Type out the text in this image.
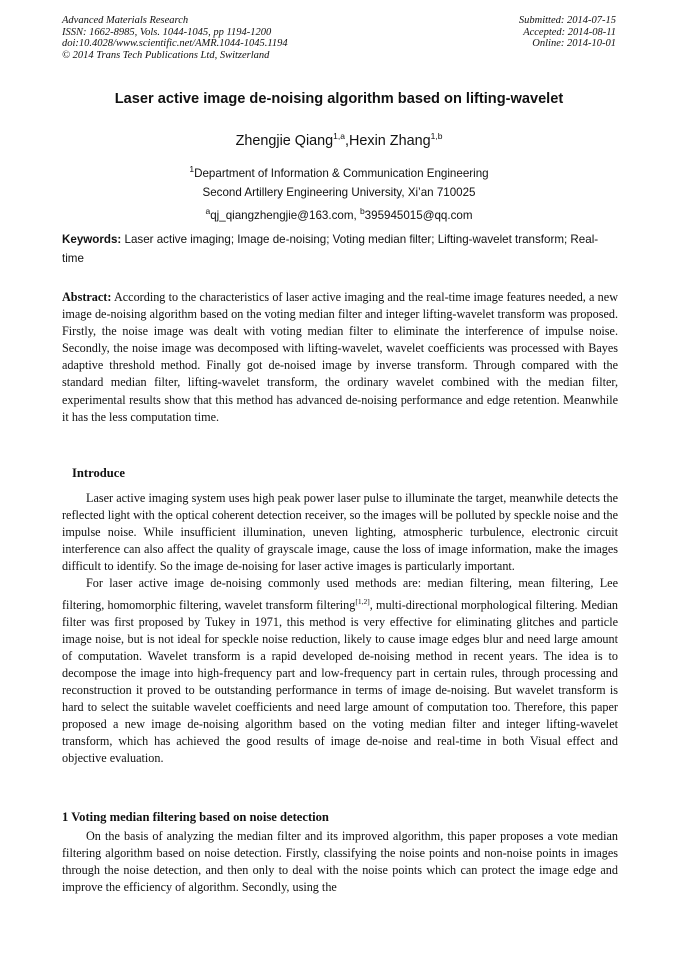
Advanced Materials Research
ISSN: 1662-8985, Vols. 1044-1045, pp 1194-1200
doi:10.4028/www.scientific.net/AMR.1044-1045.1194
© 2014 Trans Tech Publications Ltd, Switzerland
Submitted: 2014-07-15
Accepted: 2014-08-11
Online: 2014-10-01
Laser active image de-noising algorithm based on lifting-wavelet
Zhengjie Qiang$^{1,a}$,Hexin Zhang$^{1,b}$
$^1$Department of Information & Communication Engineering
Second Artillery Engineering University, Xi’an 710025
$^a$qj_qiangzhengjie@163.com, $^b$395945015@qq.com
Keywords: Laser active imaging; Image de-noising; Voting median filter; Lifting-wavelet transform; Real-time
Abstract: According to the characteristics of laser active imaging and the real-time image features needed, a new image de-noising algorithm based on the voting median filter and integer lifting-wavelet transform was proposed. Firstly, the noise image was dealt with voting median filter to eliminate the interference of impulse noise. Secondly, the noise image was decomposed with lifting-wavelet, wavelet coefficients was processed with Bayes adaptive threshold method. Finally got de-noised image by inverse transform. Through compared with the standard median filter, lifting-wavelet transform, the ordinary wavelet combined with the median filter, experimental results show that this method has advanced de-noising performance and edge retention. Meanwhile it has the less computation time.
Introduce

Laser active imaging system uses high peak power laser pulse to illuminate the target, meanwhile detects the reflected light with the optical coherent detection receiver, so the images will be polluted by speckle noise and the impulse noise. While insufficient illumination, uneven lighting, atmospheric turbulence, electronic circuit interference can also affect the quality of grayscale image, cause the loss of image information, make the images difficult to identify. So the image de-noising for laser active images is particularly important.

For laser active image de-noising commonly used methods are: median filtering, mean filtering, Lee filtering, homomorphic filtering, wavelet transform filtering[1,2], multi-directional morphological filtering. Median filter was first proposed by Tukey in 1971, this method is very effective for eliminating glitches and particle image noise, but is not ideal for speckle noise reduction, likely to cause image edges blur and need large amount of computation. Wavelet transform is a rapid developed de-noising method in recent years. The idea is to decompose the image into high-frequency part and low-frequency part in certain rules, through processing and reconstruction it proved to be outstanding performance in terms of image de-noising. But wavelet transform is hard to select the suitable wavelet coefficients and need large amount of computation too. Therefore, this paper proposed a new image de-noising algorithm based on the voting median filter and integer lifting-wavelet transform, which has achieved the good results of image de-noise and real-time in both Visual effect and objective evaluation.

1 Voting median filtering based on noise detection

On the basis of analyzing the median filter and its improved algorithm, this paper proposes a vote median filtering algorithm based on noise detection. Firstly, classifying the noise points and non-noise points in images through the noise detection, and then only to deal with the noise points which can protect the image edge and improve the efficiency of algorithm. Secondly, using the
